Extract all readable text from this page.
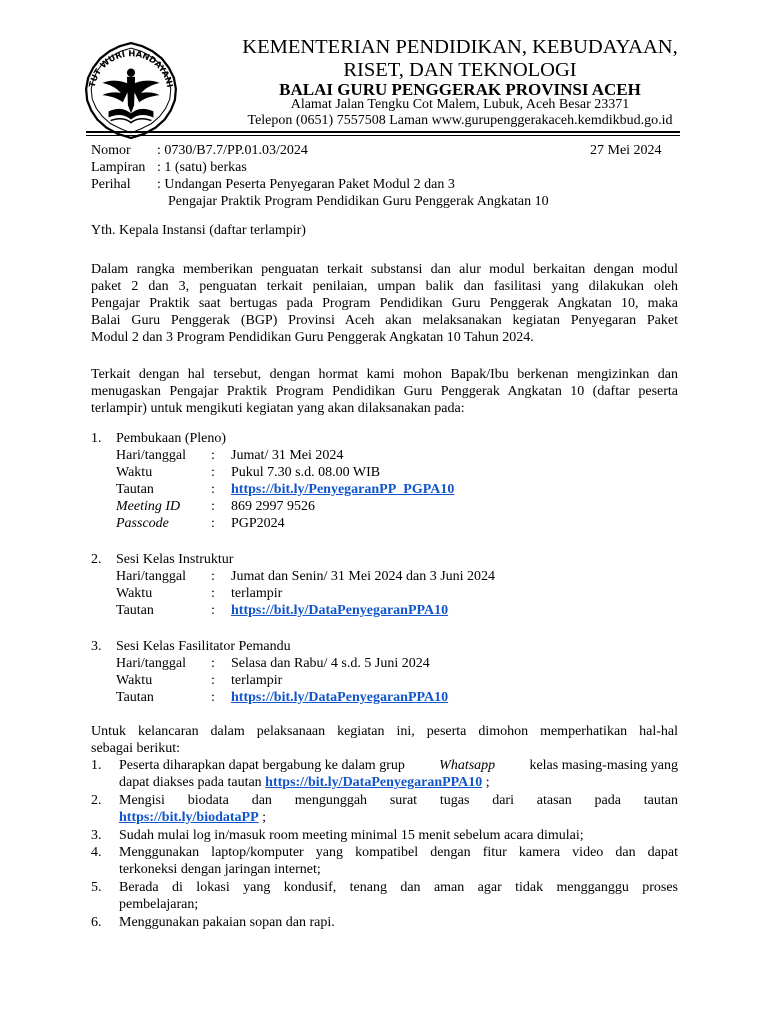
TUT WURI HANDAYANI
KEMENTERIAN PENDIDIKAN, KEBUDAYAAN,
RISET, DAN TEKNOLOGI
BALAI GURU PENGGERAK PROVINSI ACEH
Alamat Jalan Tengku Cot Malem, Lubuk, Aceh Besar 23371
Telepon (0651) 7557508 Laman www.gurupenggerakaceh.kemdikbud.go.id
Nomor : 0730/B7.7/PP.01.03/2024	27 Mei 2024
Lampiran : 1 (satu) berkas
Perihal : Undangan Peserta Penyegaran Paket Modul 2 dan 3
Pengajar Praktik Program Pendidikan Guru Penggerak Angkatan 10
Yth. Kepala Instansi (daftar terlampir)
Dalam rangka memberikan penguatan terkait substansi dan alur modul berkaitan dengan modul
paket 2 dan 3, penguatan terkait penilaian, umpan balik dan fasilitasi yang dilakukan oleh
Pengajar Praktik saat bertugas pada Program Pendidikan Guru Penggerak Angkatan 10, maka
Balai Guru Penggerak (BGP) Provinsi Aceh akan melaksanakan kegiatan Penyegaran Paket
Modul 2 dan 3 Program Pendidikan Guru Penggerak Angkatan 10 Tahun 2024.
Terkait dengan hal tersebut, dengan hormat kami mohon Bapak/Ibu berkenan mengizinkan dan
menugaskan Pengajar Praktik Program Pendidikan Guru Penggerak Angkatan 10 (daftar peserta
terlampir) untuk mengikuti kegiatan yang akan dilaksanakan pada:
1. Pembukaan (Pleno)
Hari/tanggal : Jumat/ 31 Mei 2024
Waktu	: Pukul 7.30 s.d. 08.00 WIB
Tautan	: https://bit.ly/PenyegaranPP_PGPA10
Meeting ID : 869 2997 9526
Passcode	: PGP2024
2. Sesi Kelas Instruktur
Hari/tanggal : Jumat dan Senin/ 31 Mei 2024 dan 3 Juni 2024
Waktu	: terlampir
Tautan	: https://bit.ly/DataPenyegaranPPA10
3. Sesi Kelas Fasilitator Pemandu
Hari/tanggal : Selasa dan Rabu/ 4 s.d. 5 Juni 2024
Waktu	: terlampir
Tautan	: https://bit.ly/DataPenyegaranPPA10
Untuk kelancaran dalam pelaksanaan kegiatan ini, peserta dimohon memperhatikan hal-hal
sebagai berikut:
1. Peserta diharapkan dapat bergabung ke dalam grup Whatsapp kelas masing-masing yang
dapat diakses pada tautan https://bit.ly/DataPenyegaranPPA10 ;
2. Mengisi biodata dan mengunggah surat tugas dari atasan pada tautan
https://bit.ly/biodataPP ;
3. Sudah mulai log in/masuk room meeting minimal 15 menit sebelum acara dimulai;
4. Menggunakan laptop/komputer yang kompatibel dengan fitur kamera video dan dapat
terkoneksi dengan jaringan internet;
5. Berada di lokasi yang kondusif, tenang dan aman agar tidak mengganggu proses
pembelajaran;
6. Menggunakan pakaian sopan dan rapi.
